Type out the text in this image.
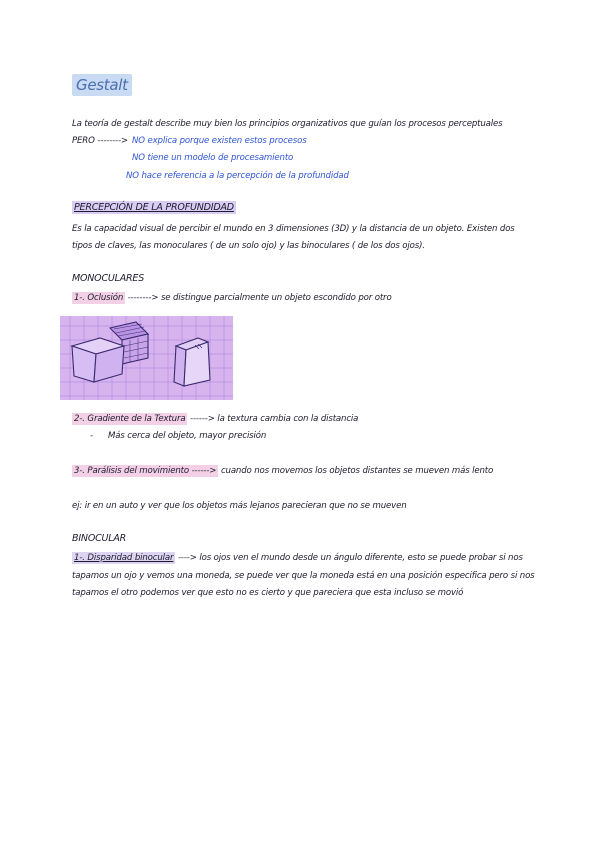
Gestalt
La teoría de gestalt describe muy bien los principios organizativos que guían los procesos perceptuales
PERO --------> NO explica porque existen estos procesos
NO tiene un modelo de procesamiento
NO hace referencia a la percepción de la profundidad
PERCEPCIÓN DE LA PROFUNDIDAD
Es la capacidad visual de percibir el mundo en 3 dimensiones (3D) y la distancia de un objeto. Existen dos
tipos de claves, las monoculares ( de un solo ojo) y las binoculares ( de los dos ojos).
MONOCULARES
1-. Oclusión --------> se distingue parcialmente un objeto escondido por otro
2-. Gradiente de la Textura ------> la textura cambia con la distancia
- Más cerca del objeto, mayor precisión
3-. Parálisis del movimiento ------> cuando nos movemos los objetos distantes se mueven más lento
ej: ir en un auto y ver que los objetos más lejanos parecieran que no se mueven
BINOCULAR
1-. Disparidad binocular ----> los ojos ven el mundo desde un ángulo diferente, esto se puede probar si nos
tapamos un ojo y vemos una moneda, se puede ver que la moneda está en una posición especifica pero si nos
tapamos el otro podemos ver que esto no es cierto y que pareciera que esta incluso se movió
